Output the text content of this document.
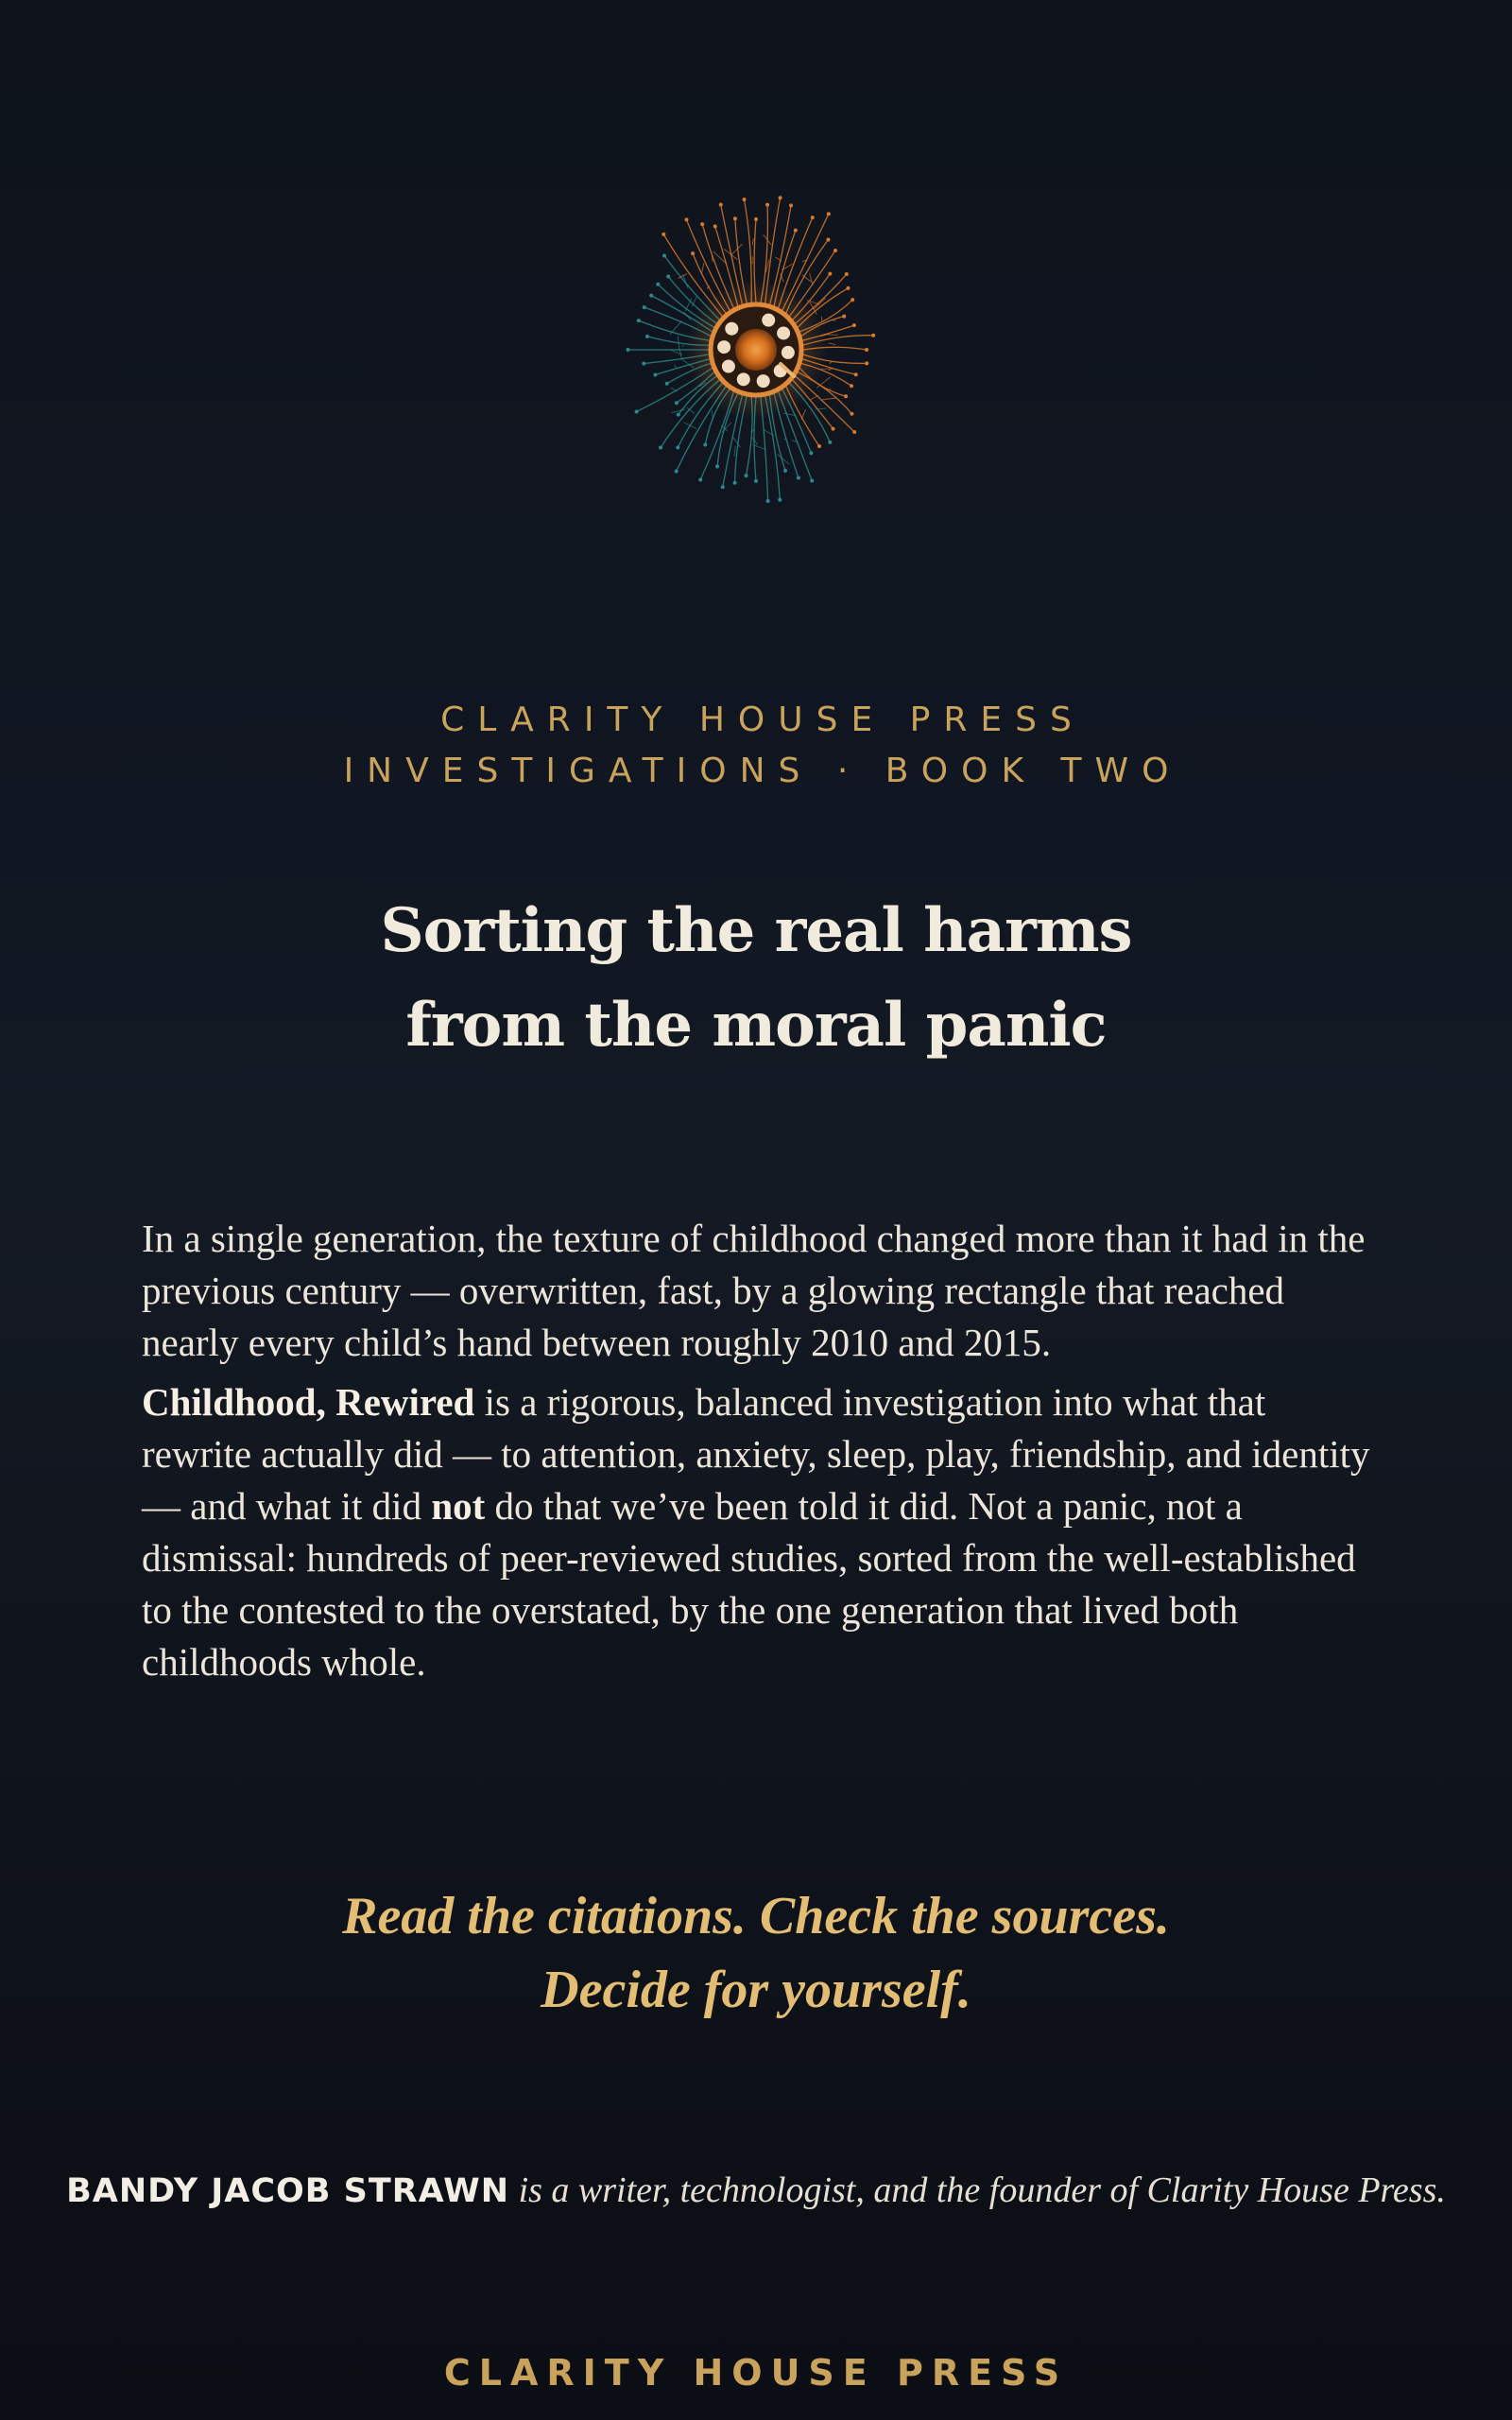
CLARITY HOUSE PRESS
INVESTIGATIONS · BOOK TWO
Sorting the real harms
from the moral panic

In a single generation, the texture of childhood changed more than it had in the previous century — overwritten, fast, by a glowing rectangle that reached nearly every child’s hand between roughly 2010 and 2015.

Childhood, Rewired is a rigorous, balanced investigation into what that rewrite actually did — to attention, anxiety, sleep, play, friendship, and identity — and what it did not do that we’ve been told it did. Not a panic, not a dismissal: hundreds of peer-reviewed studies, sorted from the well-established to the contested to the overstated, by the one generation that lived both childhoods whole.

Read the citations. Check the sources.
Decide for yourself.
BANDY JACOB STRAWN is a writer, technologist, and the founder of Clarity House Press.
CLARITY HOUSE PRESS
